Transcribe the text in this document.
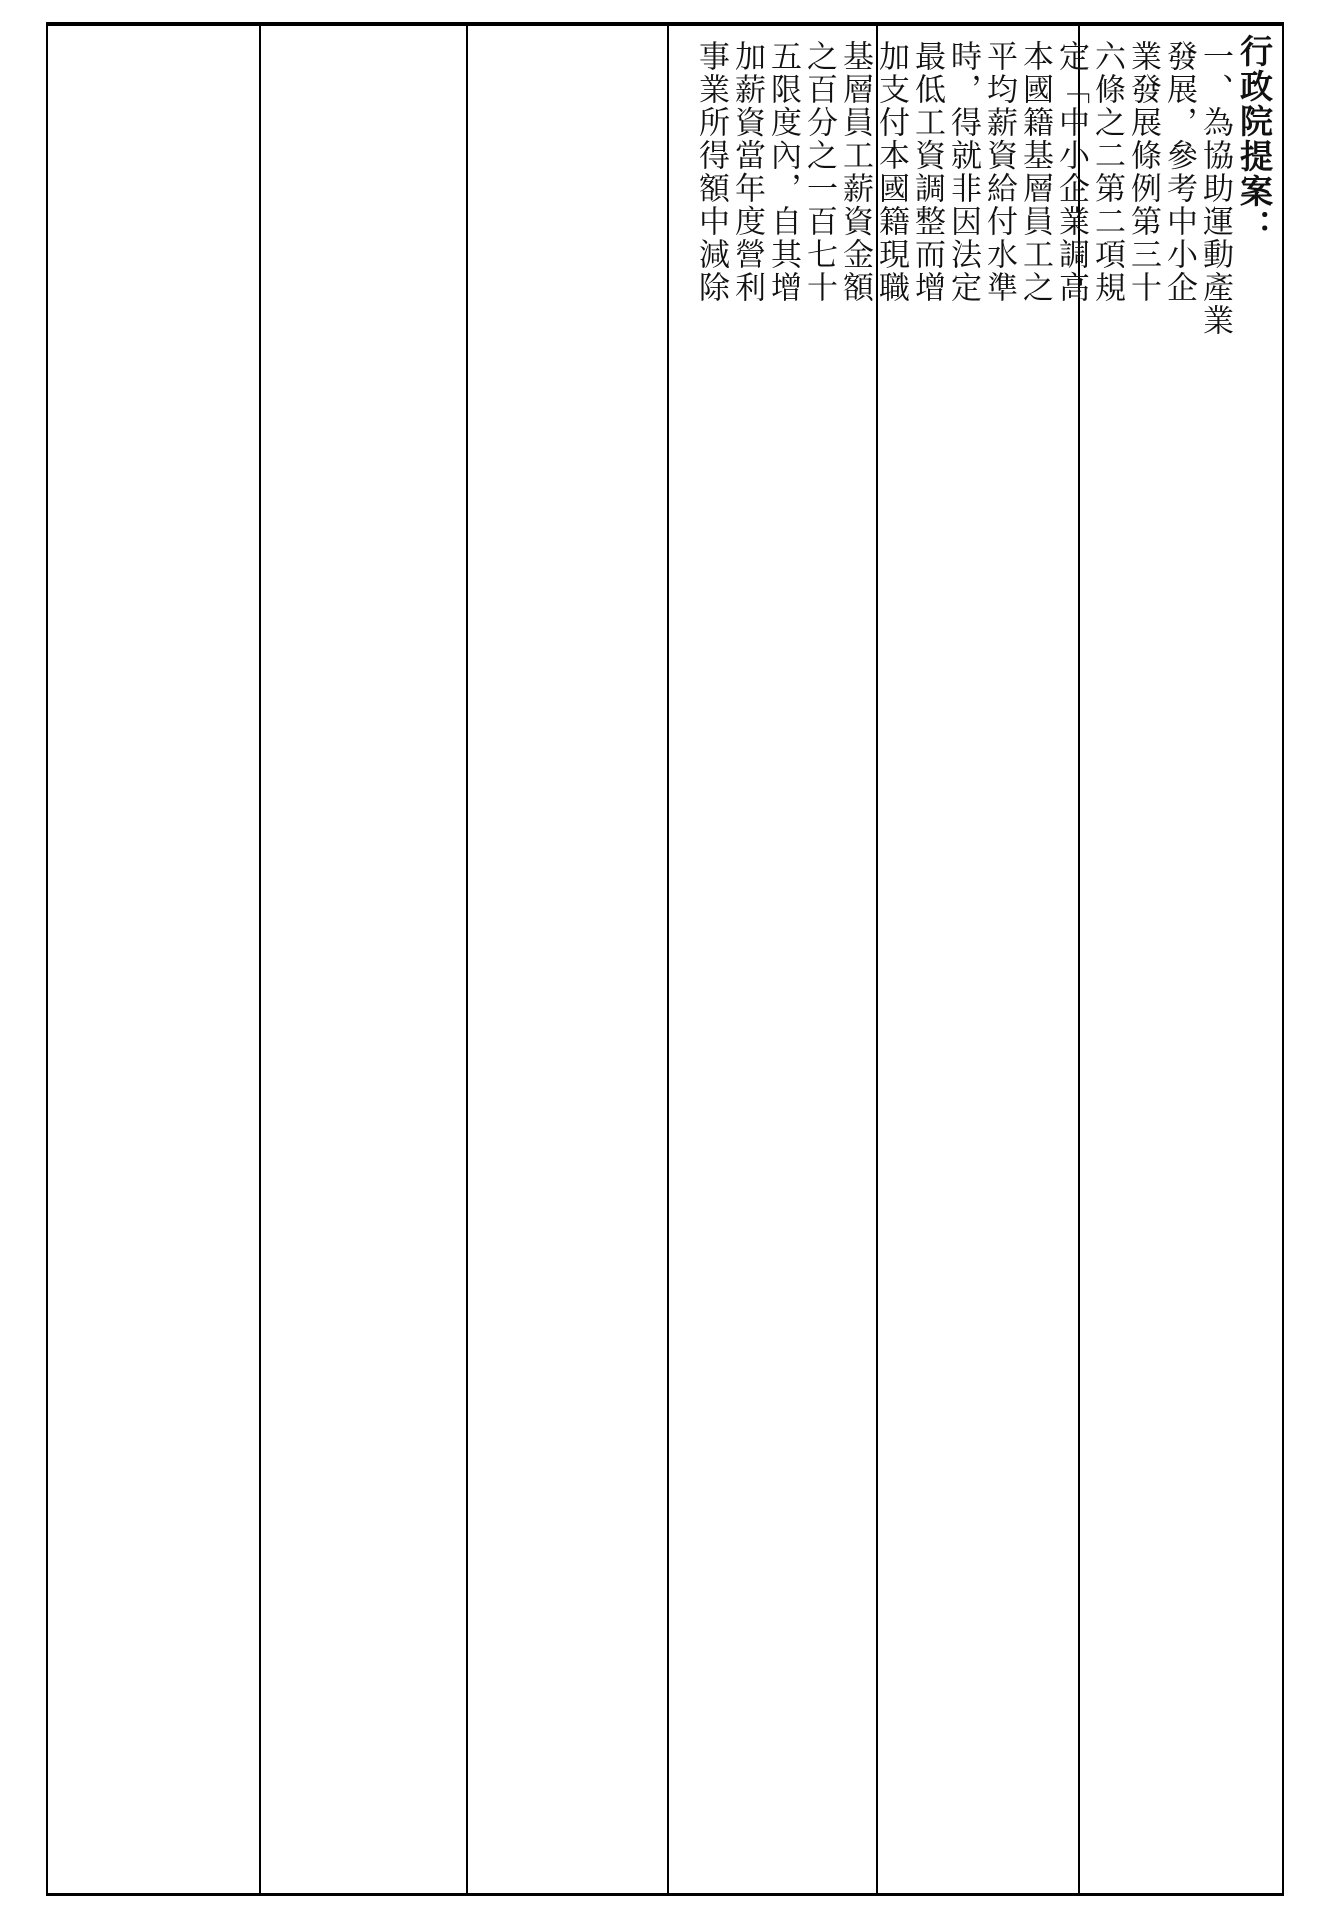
行政院提案：
一、為協助運動產業
發展，參考中小企
業發展條例第三十
六條之二第二項規
定「中小企業調高
本國籍基層員工之
平均薪資給付水準
時，得就非因法定
最低工資調整而增
加支付本國籍現職
基層員工薪資金額
之百分之一百七十
五限度內，自其增
加薪資當年度營利
事業所得額中減除
